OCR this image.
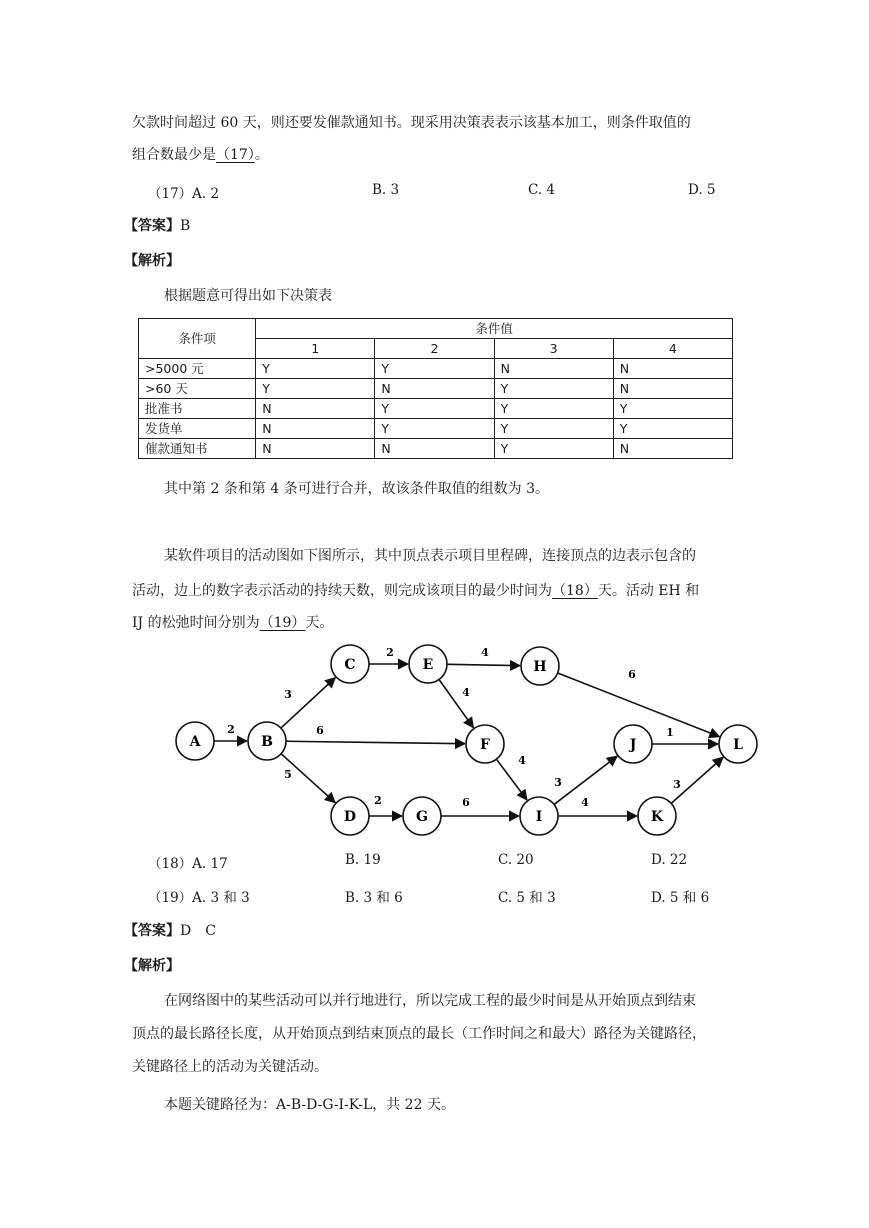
欠款时间超过 60 天，则还要发催款通知书。现采用决策表表示该基本加工，则条件取值的
组合数最少是（17）。
（17）A. 2	B. 3	C. 4	D. 5
【答案】B
【解析】
根据题意可得出如下决策表
条件项	条件值			
	1	2	3	4
>5000 元	Y	Y	N	N
>60 天	Y	N	Y	N
批准书	N	Y	Y	Y
发货单	N	Y	Y	Y
催款通知书	N	N	Y	N
其中第 2 条和第 4 条可进行合并，故该条件取值的组数为 3。
某软件项目的活动图如下图所示，其中顶点表示项目里程碑，连接顶点的边表示包含的
活动，边上的数字表示活动的持续天数，则完成该项目的最少时间为（18）天。活动 EH 和
IJ 的松弛时间分别为（19）天。
2
3
6
5
2	4
4
6
4
2	6
3
4
1
3
A	B
C
D
E
F
G
H
I
J
K
L
（18）A. 17	B. 19	C. 20	D. 22
（19）A. 3 和 3	B. 3 和 6	C. 5 和 3	D. 5 和 6
【答案】D　C
【解析】
在网络图中的某些活动可以并行地进行，所以完成工程的最少时间是从开始顶点到结束
顶点的最长路径长度，从开始顶点到结束顶点的最长（工作时间之和最大）路径为关键路径，
关键路径上的活动为关键活动。
本题关键路径为：A-B-D-G-I-K-L，共 22 天。
